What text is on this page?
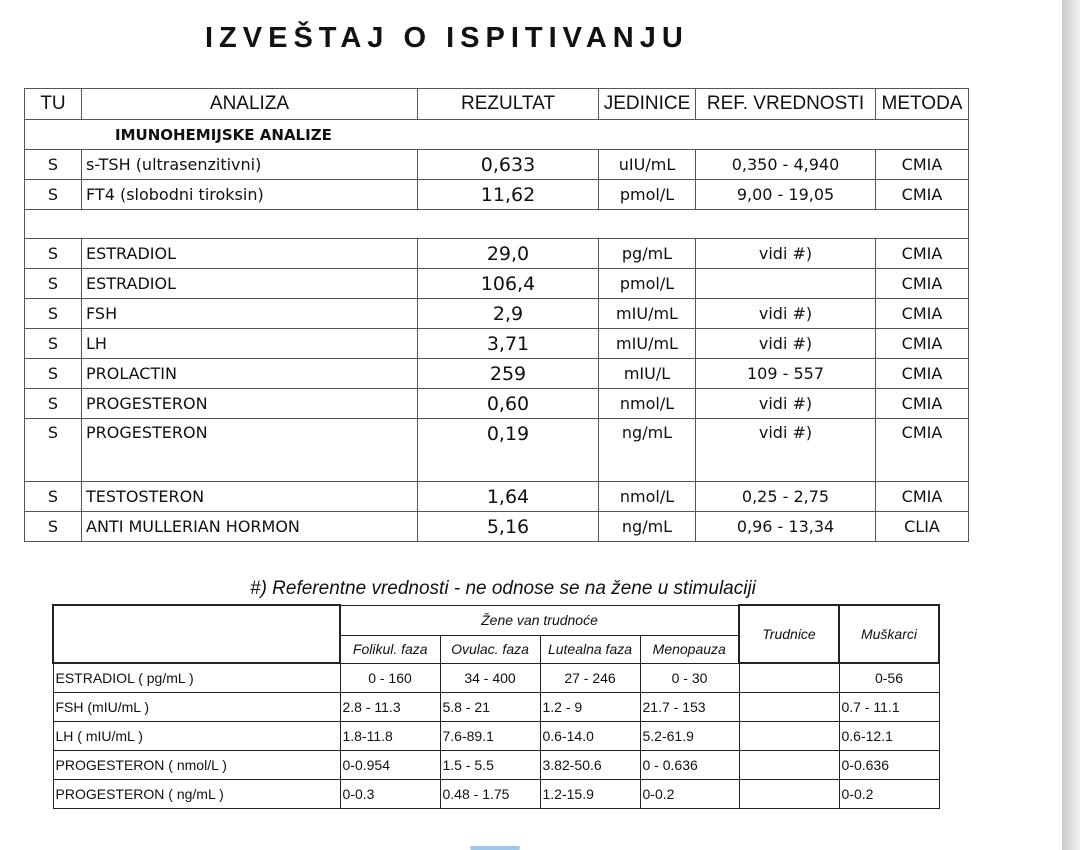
IZVEŠTAJ O ISPITIVANJU
TU	ANALIZA	REZULTAT	JEDINICE	REF. VREDNOSTI	METODA
IMUNOHEMIJSKE ANALIZE					
S	s-TSH (ultrasenzitivni)	0,633	uIU/mL	0,350 - 4,940	CMIA
S	FT4 (slobodni tiroksin)	11,62	pmol/L	9,00 - 19,05	CMIA

S	ESTRADIOL	29,0	pg/mL	vidi #)	CMIA
S	ESTRADIOL	106,4	pmol/L		CMIA
S	FSH	2,9	mIU/mL	vidi #)	CMIA
S	LH	3,71	mIU/mL	vidi #)	CMIA
S	PROLACTIN	259	mIU/L	109 - 557	CMIA
S	PROGESTERON	0,60	nmol/L	vidi #)	CMIA
S	PROGESTERON	0,19	ng/mL	vidi #)	CMIA
S	TESTOSTERON	1,64	nmol/L	0,25 - 2,75	CMIA
S	ANTI MULLERIAN HORMON	5,16	ng/mL	0,96 - 13,34	CLIA
#) Referentne vrednosti - ne odnose se na žene u stimulaciji
	Žene van trudnoće				Trudnice	Muškarci
	Folikul. faza	Ovulac. faza	Lutealna faza	Menopauza		
ESTRADIOL ( pg/mL )	0 - 160	34 - 400	27 - 246	0 - 30		0-56
FSH (mIU/mL )	2.8 - 11.3	5.8 - 21	1.2 - 9	21.7 - 153		0.7 - 11.1
LH ( mIU/mL )	1.8-11.8	7.6-89.1	0.6-14.0	5.2-61.9		0.6-12.1
PROGESTERON ( nmol/L )	0-0.954	1.5 - 5.5	3.82-50.6	0 - 0.636		0-0.636
PROGESTERON ( ng/mL )	0-0.3	0.48 - 1.75	1.2-15.9	0-0.2		0-0.2
